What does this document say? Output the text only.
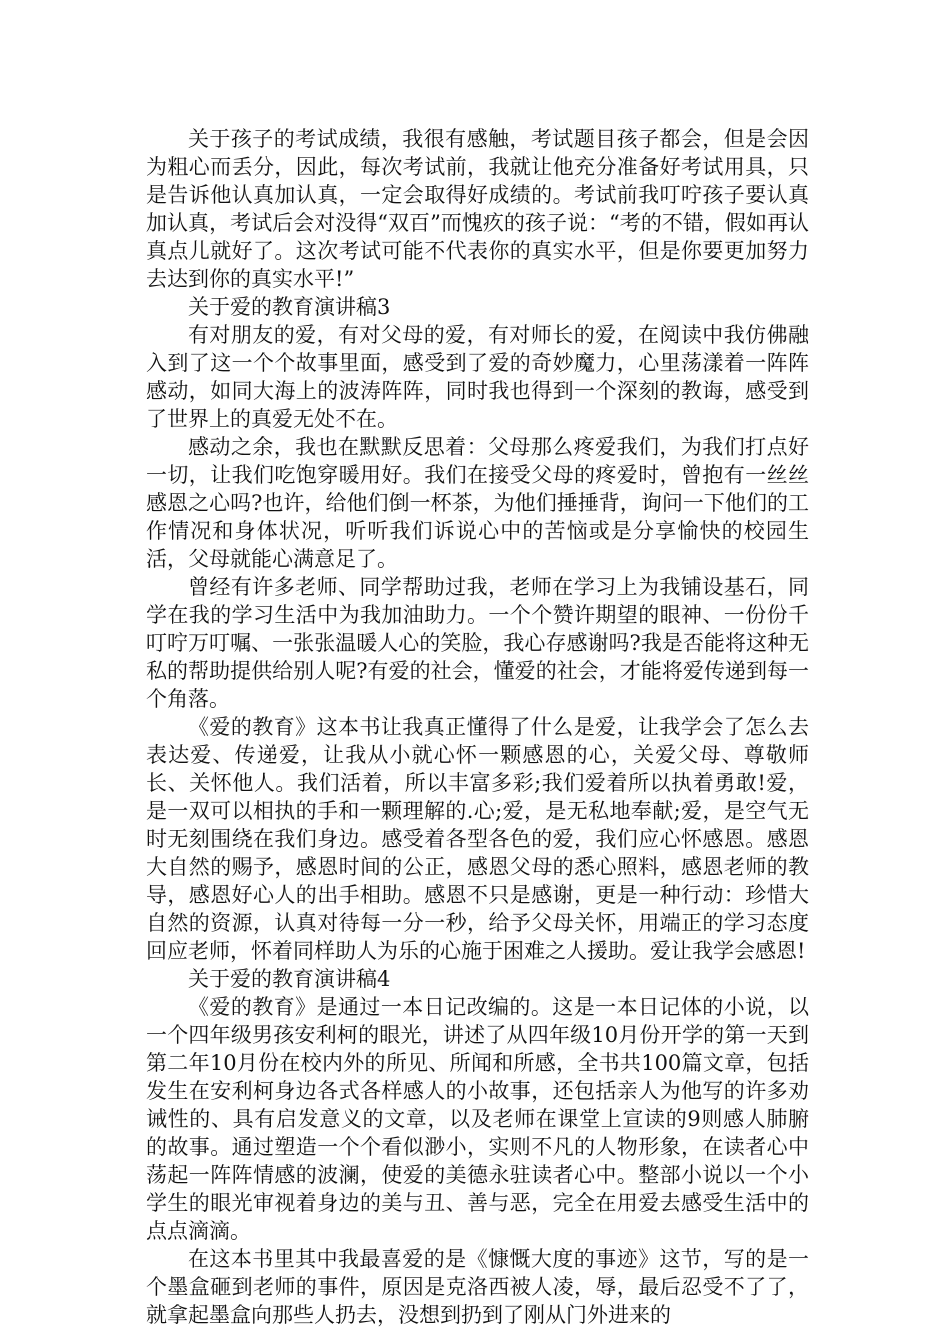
关于孩子的考试成绩，我很有感触，考试题目孩子都会，但是会因为粗心而丢分，因此，每次考试前，我就让他充分准备好考试用具，只是告诉他认真加认真，一定会取得好成绩的。考试前我叮咛孩子要认真加认真，考试后会对没得“双百”而愧疚的孩子说：“考的不错，假如再认真点儿就好了。这次考试可能不代表你的真实水平，但是你要更加努力去达到你的真实水平!”

关于爱的教育演讲稿3

有对朋友的爱，有对父母的爱，有对师长的爱，在阅读中我仿佛融入到了这一个个故事里面，感受到了爱的奇妙魔力，心里荡漾着一阵阵感动，如同大海上的波涛阵阵，同时我也得到一个深刻的教诲，感受到了世界上的真爱无处不在。

感动之余，我也在默默反思着：父母那么疼爱我们，为我们打点好一切，让我们吃饱穿暖用好。我们在接受父母的疼爱时，曾抱有一丝丝感恩之心吗?也许，给他们倒一杯茶，为他们捶捶背，询问一下他们的工作情况和身体状况，听听我们诉说心中的苦恼或是分享愉快的校园生活，父母就能心满意足了。

曾经有许多老师、同学帮助过我，老师在学习上为我铺设基石，同学在我的学习生活中为我加油助力。一个个赞许期望的眼神、一份份千叮咛万叮嘱、一张张温暖人心的笑脸，我心存感谢吗?我是否能将这种无私的帮助提供给别人呢?有爱的社会，懂爱的社会，才能将爱传递到每一个角落。

《爱的教育》这本书让我真正懂得了什么是爱，让我学会了怎么去表达爱、传递爱，让我从小就心怀一颗感恩的心，关爱父母、尊敬师长、关怀他人。我们活着，所以丰富多彩;我们爱着所以执着勇敢!爱，是一双可以相执的手和一颗理解的.心;爱，是无私地奉献;爱，是空气无时无刻围绕在我们身边。感受着各型各色的爱，我们应心怀感恩。感恩大自然的赐予，感恩时间的公正，感恩父母的悉心照料，感恩老师的教导，感恩好心人的出手相助。感恩不只是感谢，更是一种行动：珍惜大自然的资源，认真对待每一分一秒，给予父母关怀，用端正的学习态度回应老师，怀着同样助人为乐的心施于困难之人援助。爱让我学会感恩!

关于爱的教育演讲稿4

《爱的教育》是通过一本日记改编的。这是一本日记体的小说，以一个四年级男孩安利柯的眼光，讲述了从四年级10月份开学的第一天到第二年10月份在校内外的所见、所闻和所感，全书共100篇文章，包括发生在安利柯身边各式各样感人的小故事，还包括亲人为他写的许多劝诫性的、具有启发意义的文章，以及老师在课堂上宣读的9则感人肺腑的故事。通过塑造一个个看似渺小，实则不凡的人物形象，在读者心中荡起一阵阵情感的波澜，使爱的美德永驻读者心中。整部小说以一个小学生的眼光审视着身边的美与丑、善与恶，完全在用爱去感受生活中的点点滴滴。

在这本书里其中我最喜爱的是《慷慨大度的事迹》这节，写的是一个墨盒砸到老师的事件，原因是克洛西被人凌，辱，最后忍受不了了，就拿起墨盒向那些人扔去，没想到扔到了刚从门外进来的
